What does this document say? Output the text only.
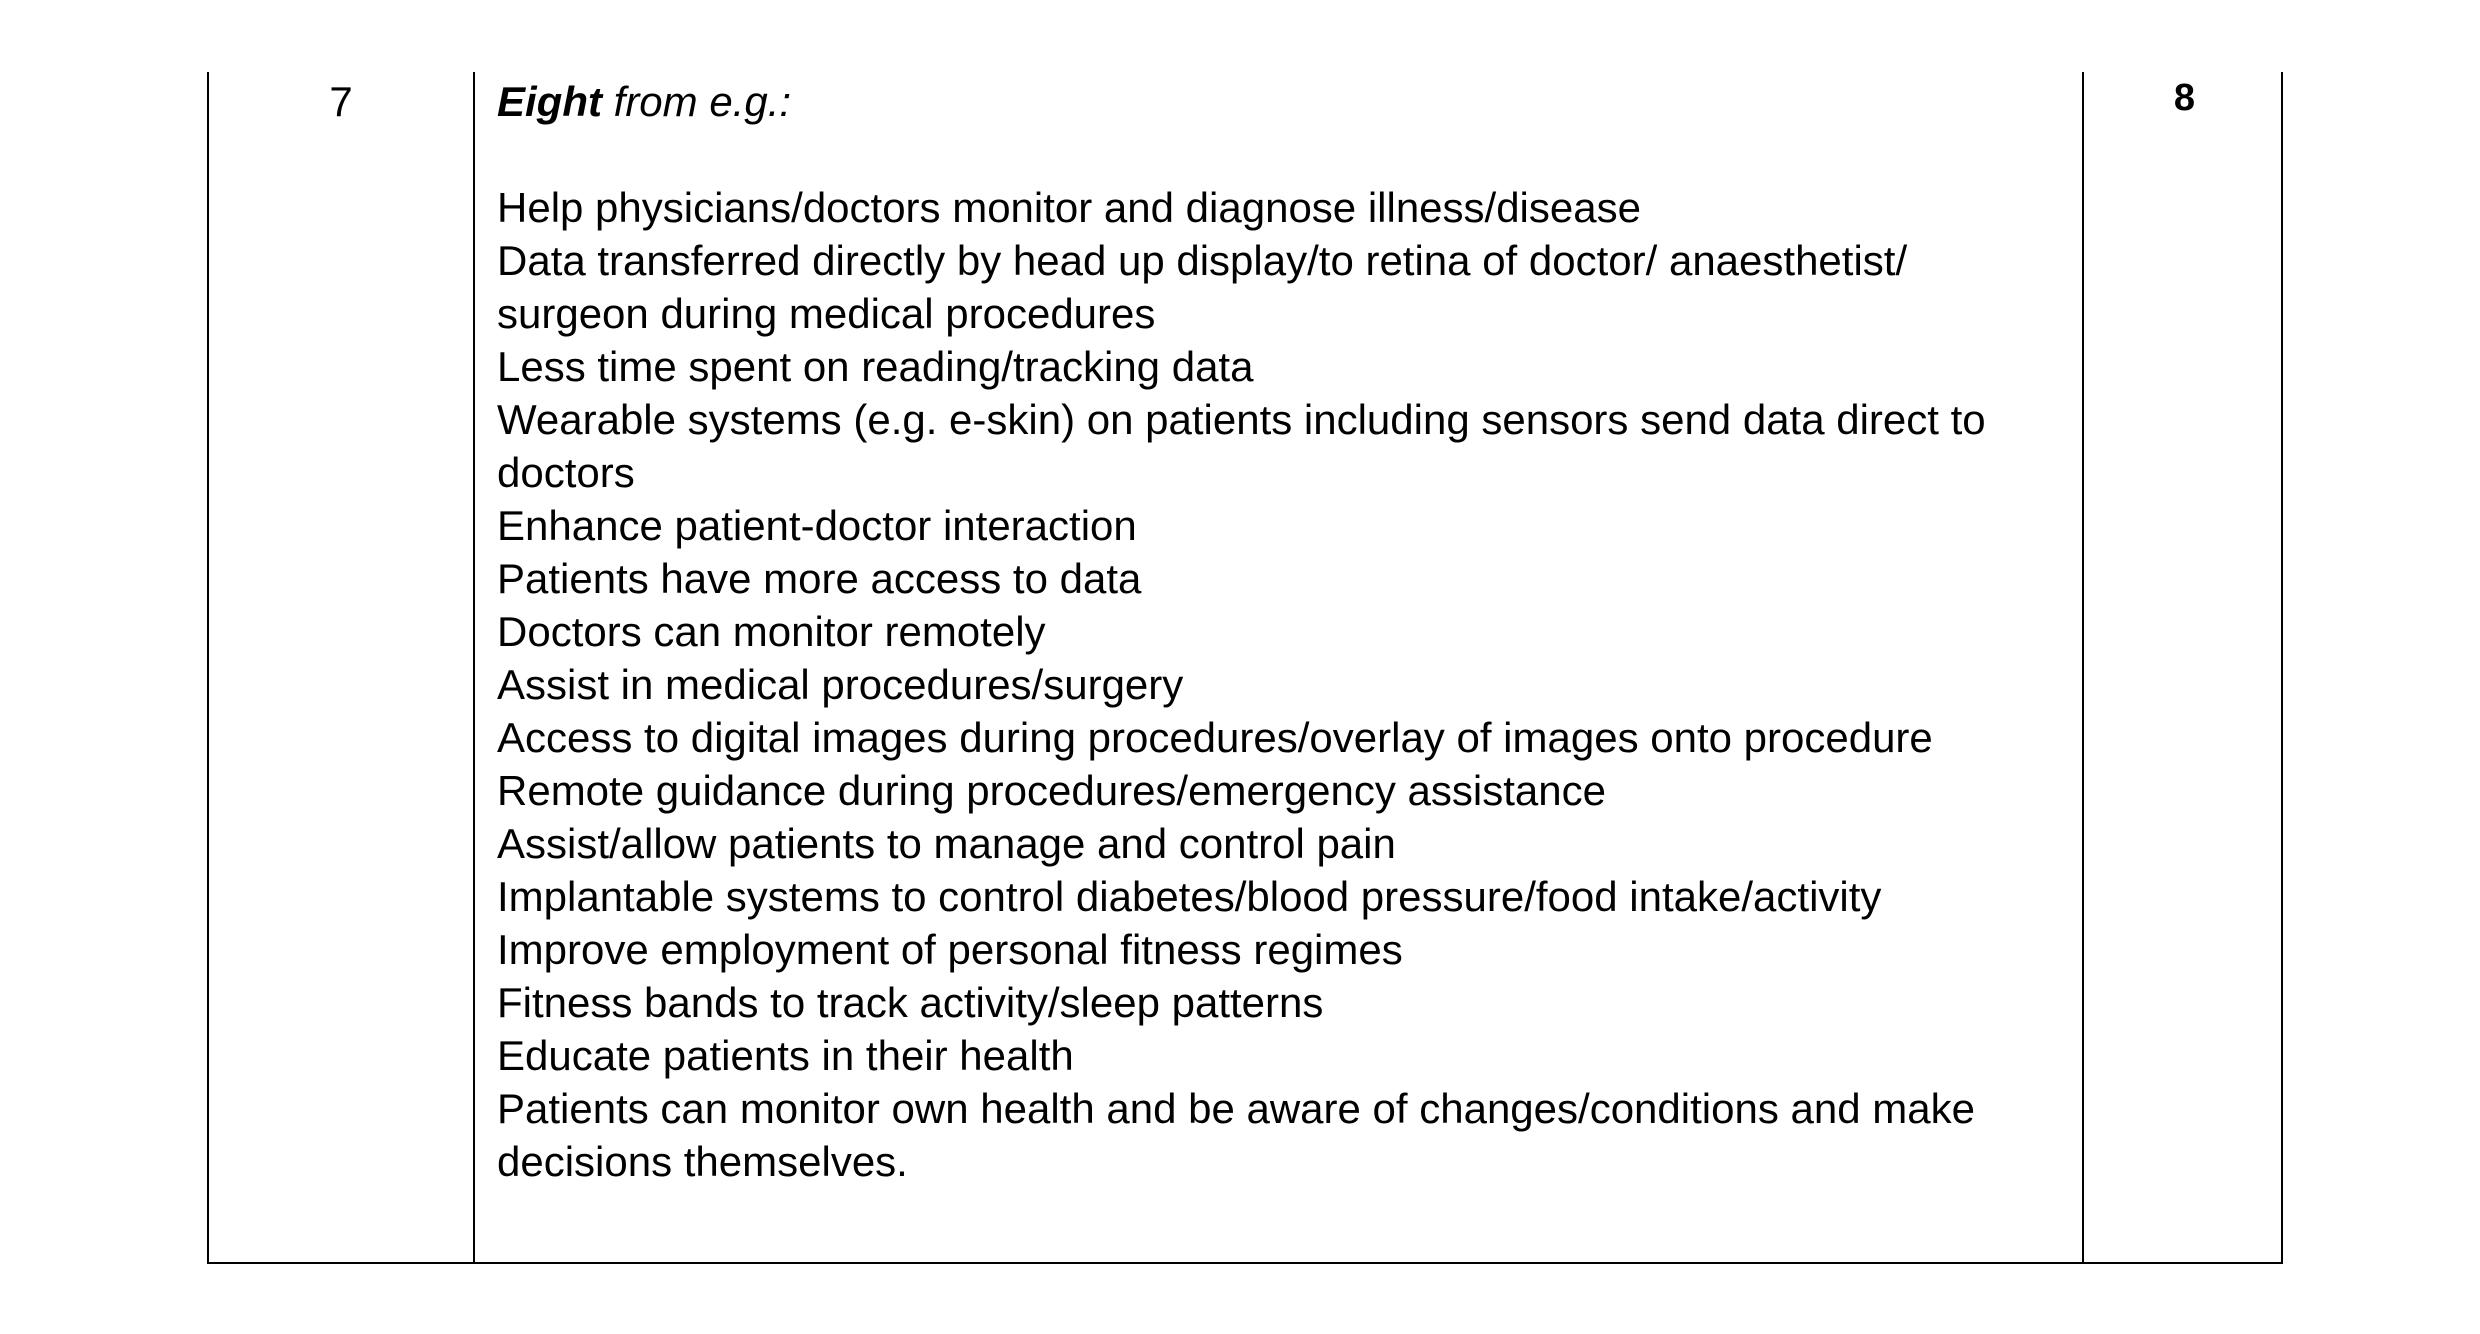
7	Eight from e.g.:

Help physicians/doctors monitor and diagnose illness/disease
Data transferred directly by head up display/to retina of doctor/ anaesthetist/ surgeon during medical procedures
Less time spent on reading/tracking data
Wearable systems (e.g. e-skin) on patients including sensors send data direct to doctors
Enhance patient-doctor interaction
Patients have more access to data
Doctors can monitor remotely
Assist in medical procedures/surgery
Access to digital images during procedures/overlay of images onto procedure
Remote guidance during procedures/emergency assistance
Assist/allow patients to manage and control pain
Implantable systems to control diabetes/blood pressure/food intake/activity
Improve employment of personal fitness regimes
Fitness bands to track activity/sleep patterns
Educate patients in their health
Patients can monitor own health and be aware of changes/conditions and make decisions themselves.
8
